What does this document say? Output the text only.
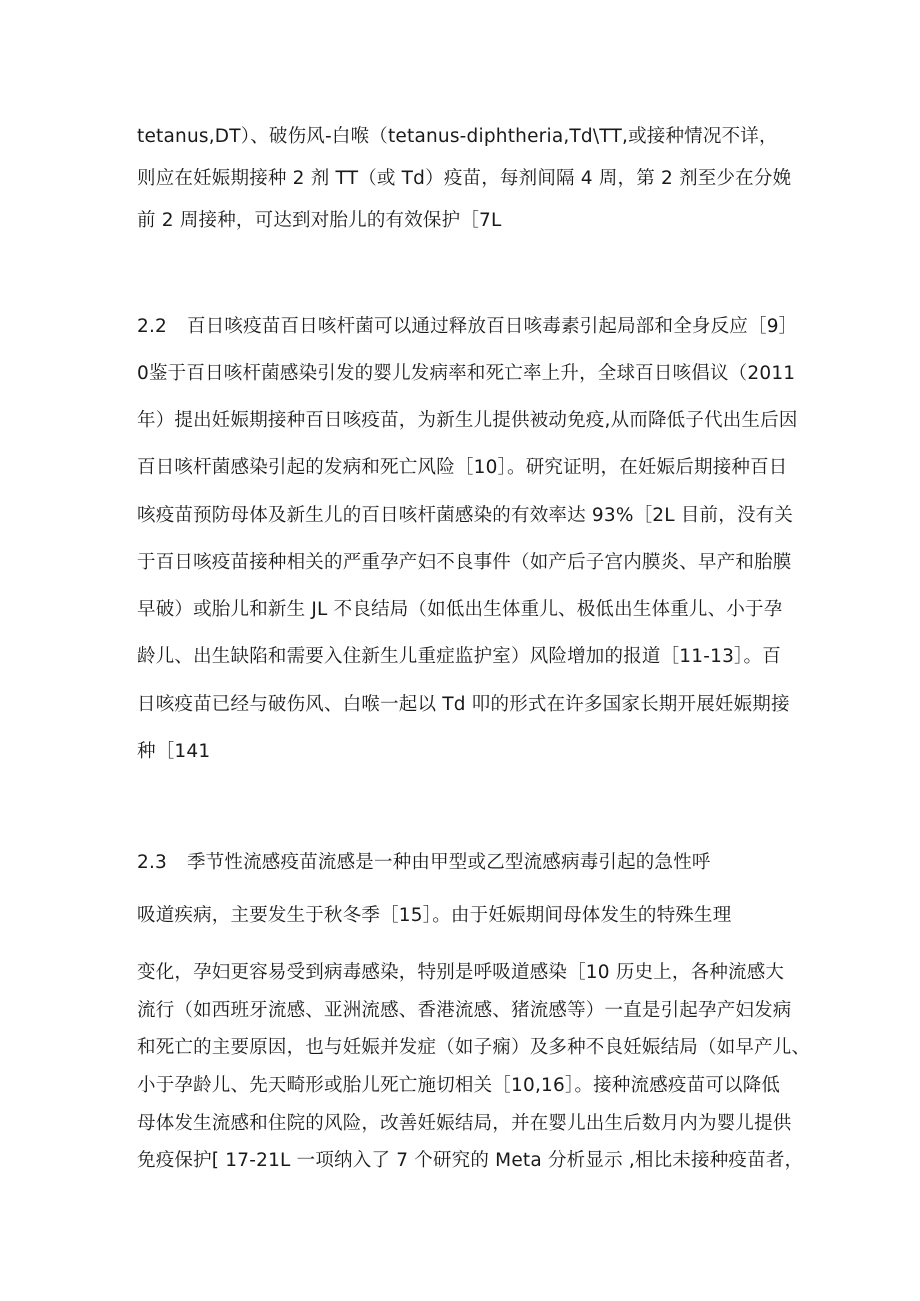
tetanus,DT）、破伤风-白喉（tetanus-diphtheria,Td\TT,或接种情况不详，
则应在妊娠期接种 2 剂 TT（或 Td）疫苗，每剂间隔 4 周，第 2 剂至少在分娩
前 2 周接种，可达到对胎儿的有效保护［7L
2.2 百日咳疫苗百日咳杆菌可以通过释放百日咳毒素引起局部和全身反应［9］
0鉴于百日咳杆菌感染引发的婴儿发病率和死亡率上升，全球百日咳倡议（2011
年）提出妊娠期接种百日咳疫苗，为新生儿提供被动免疫,从而降低子代出生后因
百日咳杆菌感染引起的发病和死亡风险［10］。研究证明，在妊娠后期接种百日
咳疫苗预防母体及新生儿的百日咳杆菌感染的有效率达 93%［2L 目前，没有关
于百日咳疫苗接种相关的严重孕产妇不良事件（如产后子宫内膜炎、早产和胎膜
早破）或胎儿和新生 JL 不良结局（如低出生体重儿、极低出生体重儿、小于孕
龄儿、出生缺陷和需要入住新生儿重症监护室）风险增加的报道［11-13］。百
日咳疫苗已经与破伤风、白喉一起以 Td 叩的形式在许多国家长期开展妊娠期接
种［141
2.3 季节性流感疫苗流感是一种由甲型或乙型流感病毒引起的急性呼
吸道疾病，主要发生于秋冬季［15］。由于妊娠期间母体发生的特殊生理
变化，孕妇更容易受到病毒感染，特别是呼吸道感染［10 历史上，各种流感大
流行（如西班牙流感、亚洲流感、香港流感、猪流感等）一直是引起孕产妇发病
和死亡的主要原因，也与妊娠并发症（如子痫）及多种不良妊娠结局（如早产儿、
小于孕龄儿、先天畸形或胎儿死亡施切相关［10,16］。接种流感疫苗可以降低
母体发生流感和住院的风险，改善妊娠结局，并在婴儿出生后数月内为婴儿提供
免疫保护[ 17-21L 一项纳入了 7 个研究的 Meta 分析显示 ,相比未接种疫苗者，
